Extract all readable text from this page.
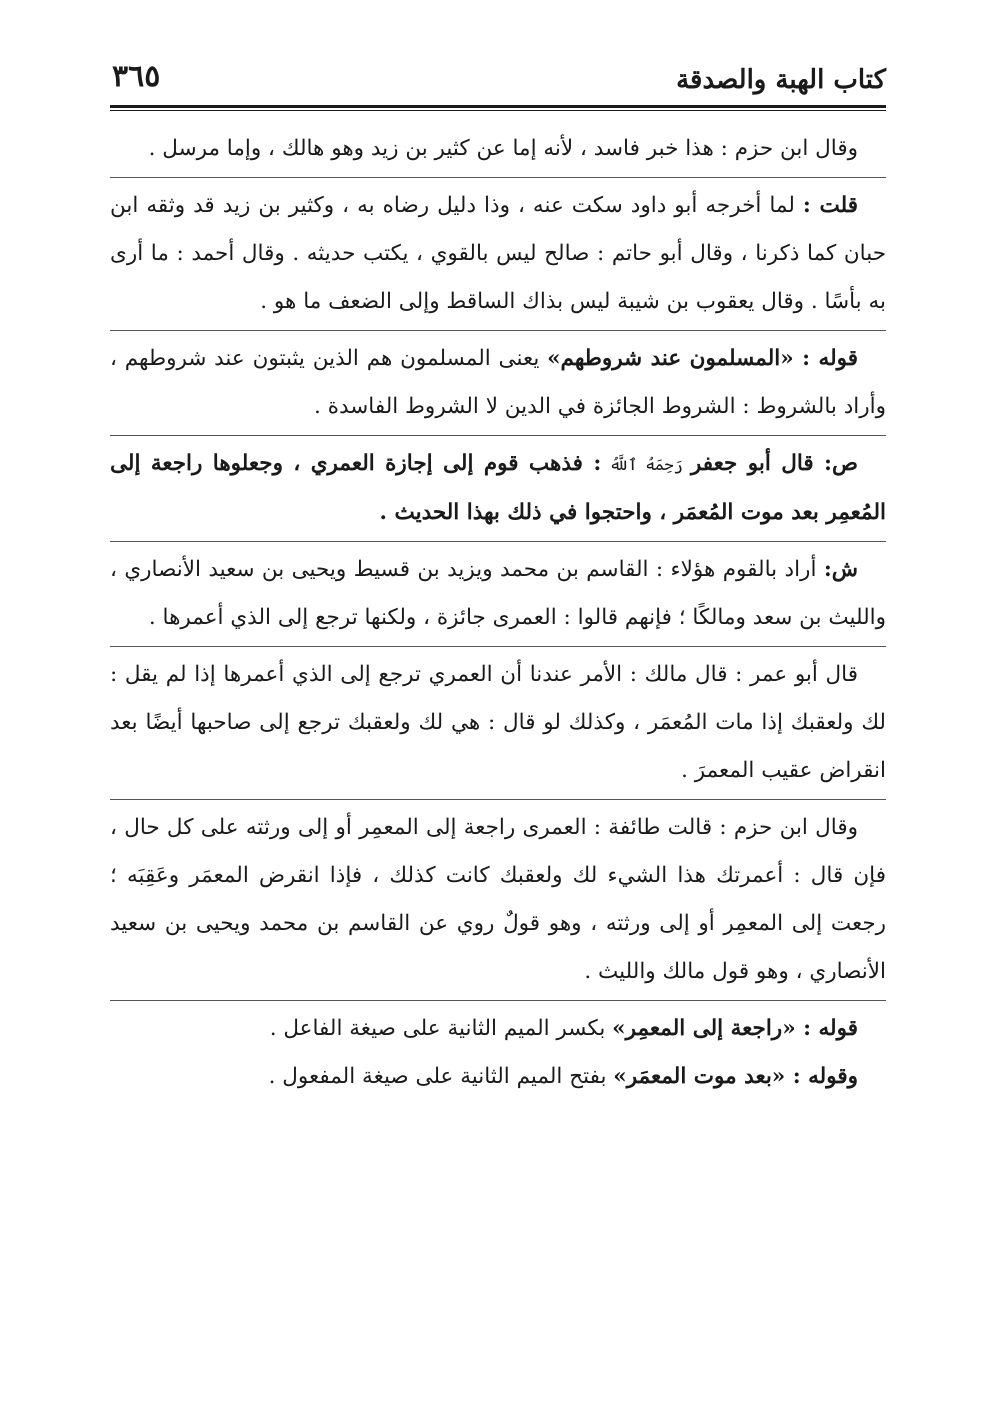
كتاب الهبة والصدقة
٣٦٥

وقال ابن حزم : هذا خبر فاسد ، لأنه إما عن كثير بن زيد وهو هالك ، وإما مرسل .

قلت : لما أخرجه أبو داود سكت عنه ، وذا دليل رضاه به ، وكثير بن زيد قد وثقه ابن حبان كما ذكرنا ، وقال أبو حاتم : صالح ليس بالقوي ، يكتب حديثه . وقال أحمد : ما أرى به بأسًا . وقال يعقوب بن شيبة ليس بذاك الساقط وإلى الضعف ما هو .

قوله : «المسلمون عند شروطهم» يعنى المسلمون هم الذين يثبتون عند شروطهم ، وأراد بالشروط : الشروط الجائزة في الدين لا الشروط الفاسدة .

ص: قال أبو جعفر رَحِمَهُ ٱللَّهُ : فذهب قوم إلى إجازة العمري ، وجعلوها راجعة إلى المُعمِر بعد موت المُعمَر ، واحتجوا في ذلك بهذا الحديث .

ش: أراد بالقوم هؤلاء : القاسم بن محمد ويزيد بن قسيط ويحيى بن سعيد الأنصاري ، والليث بن سعد ومالكًا ؛ فإنهم قالوا : العمرى جائزة ، ولكنها ترجع إلى الذي أعمرها .

قال أبو عمر : قال مالك : الأمر عندنا أن العمري ترجع إلى الذي أعمرها إذا لم يقل : لك ولعقبك إذا مات المُعمَر ، وكذلك لو قال : هي لك ولعقبك ترجع إلى صاحبها أيضًا بعد انقراض عقيب المعمرَ .

وقال ابن حزم : قالت طائفة : العمرى راجعة إلى المعمِر أو إلى ورثته على كل حال ، فإن قال : أعمرتك هذا الشيء لك ولعقبك كانت كذلك ، فإذا انقرض المعمَر وعَقِبَه ؛ رجعت إلى المعمِر أو إلى ورثته ، وهو قولٌ روي عن القاسم بن محمد ويحيى بن سعيد الأنصاري ، وهو قول مالك والليث .

قوله : «راجعة إلى المعمِر» بكسر الميم الثانية على صيغة الفاعل .

وقوله : «بعد موت المعمَر» بفتح الميم الثانية على صيغة المفعول .
